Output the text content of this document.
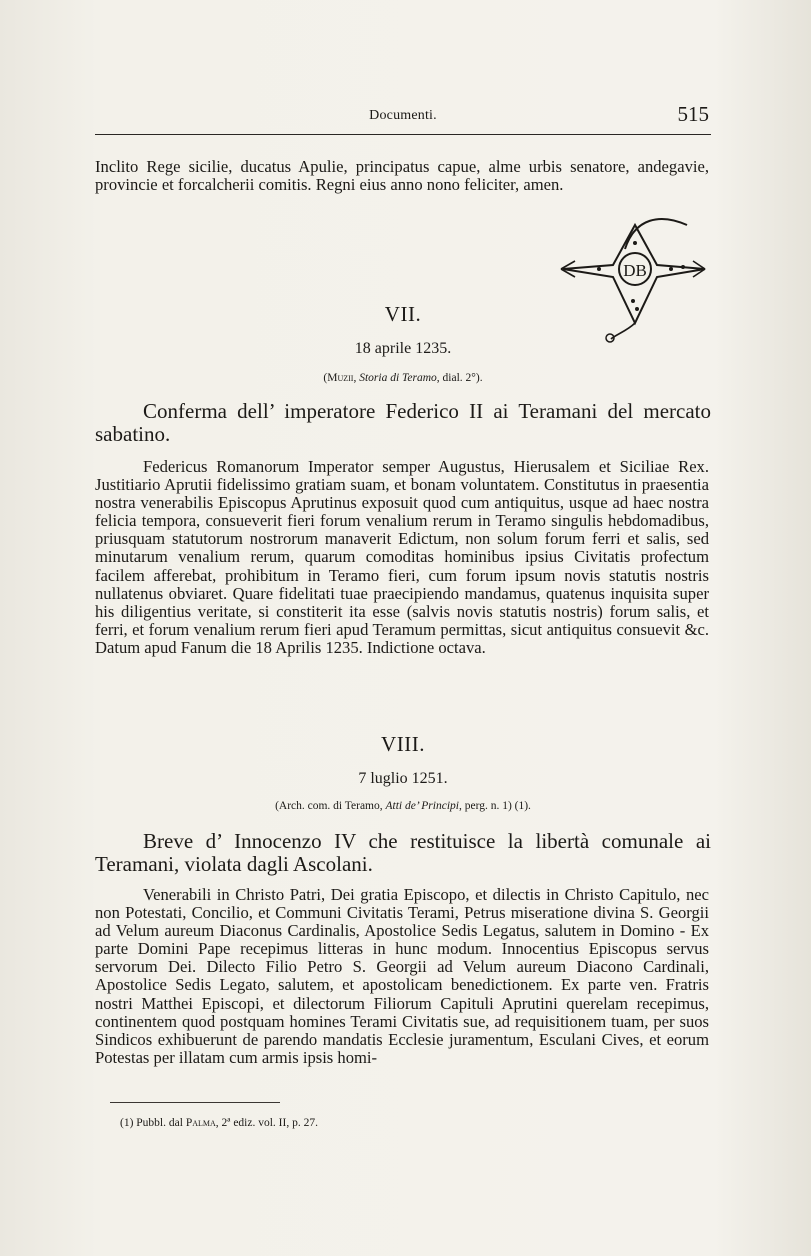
Documenti.	515
Inclito Rege sicilie, ducatus Apulie, principatus capue, alme urbis senatore, andegavie, provincie et forcalcherii comitis. Regni eius anno nono feliciter, amen.
DB
VII.
18 aprile 1235.
(Muzii, Storia di Teramo, dial. 2°).
Conferma dell’ imperatore Federico II ai Teramani del mercato sabatino.
Federicus Romanorum Imperator semper Augustus, Hierusalem et Siciliae Rex. Justitiario Aprutii fidelissimo gratiam suam, et bonam voluntatem. Constitutus in praesentia nostra venerabilis Episcopus Aprutinus exposuit quod cum antiquitus, usque ad haec nostra felicia tempora, consueverit fieri forum venalium rerum in Teramo singulis hebdomadibus, priusquam statutorum nostrorum manaverit Edictum, non solum forum ferri et salis, sed minutarum venalium rerum, quarum comoditas hominibus ipsius Civitatis profectum facilem afferebat, prohibitum in Teramo fieri, cum forum ipsum novis statutis nostris nullatenus obviaret. Quare fidelitati tuae praecipiendo mandamus, quatenus inquisita super his diligentius veritate, si constiterit ita esse (salvis novis statutis nostris) forum salis, et ferri, et forum venalium rerum fieri apud Teramum permittas, sicut antiquitus consuevit &c. Datum apud Fanum die 18 Aprilis 1235. Indictione octava.
VIII.
7 luglio 1251.
(Arch. com. di Teramo, Atti de’ Principi, perg. n. 1) (1).
Breve d’ Innocenzo IV che restituisce la libertà comunale ai Teramani, violata dagli Ascolani.
Venerabili in Christo Patri, Dei gratia Episcopo, et dilectis in Christo Capitulo, nec non Potestati, Concilio, et Communi Civitatis Terami, Petrus miseratione divina S. Georgii ad Velum aureum Diaconus Cardinalis, Apostolice Sedis Legatus, salutem in Domino - Ex parte Domini Pape recepimus litteras in hunc modum. Innocentius Episcopus servus servorum Dei. Dilecto Filio Petro S. Georgii ad Velum aureum Diacono Cardinali, Apostolice Sedis Legato, salutem, et apostolicam benedictionem. Ex parte ven. Fratris nostri Matthei Episcopi, et dilectorum Filiorum Capituli Aprutini querelam recepimus, continentem quod postquam homines Terami Civitatis sue, ad requisitionem tuam, per suos Sindicos exhibuerunt de parendo mandatis Ecclesie juramentum, Esculani Cives, et eorum Potestas per illatam cum armis ipsis homi-
(1) Pubbl. dal Palma, 2ª ediz. vol. II, p. 27.
